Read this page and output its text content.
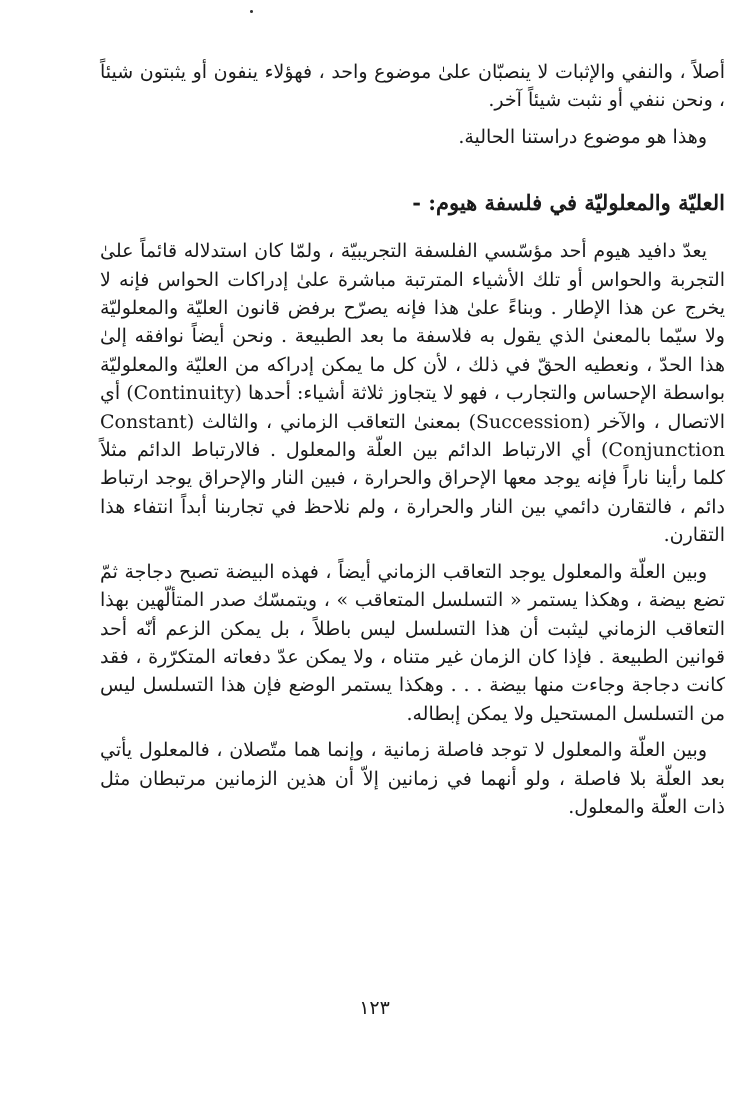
أصلاً ، والنفي والإثبات لا ينصبّان علىٰ موضوع واحد ، فهؤلاء ينفون أو يثبتون شيئاً ، ونحن ننفي أو نثبت شيئاً آخر.

وهذا هو موضوع دراستنا الحالية.

العليّة والمعلوليّة في فلسفة هيوم: -

يعدّ دافيد هيوم أحد مؤسّسي الفلسفة التجريبيّة ، ولمّا كان استدلاله قائماً علىٰ التجربة والحواس أو تلك الأشياء المترتبة مباشرة علىٰ إدراكات الحواس فإنه لا يخرج عن هذا الإطار . وبناءً علىٰ هذا فإنه يصرّح برفض قانون العليّة والمعلوليّة ولا سيّما بالمعنىٰ الذي يقول به فلاسفة ما بعد الطبيعة . ونحن أيضاً نوافقه إلىٰ هذا الحدّ ، ونعطيه الحقّ في ذلك ، لأن كل ما يمكن إدراكه من العليّة والمعلوليّة بواسطة الإحساس والتجارب ، فهو لا يتجاوز ثلاثة أشياء: أحدها (Continuity) أي الاتصال ، والآخر (Succession) بمعنىٰ التعاقب الزماني ، والثالث (Constant Conjunction) أي الارتباط الدائم بين العلّة والمعلول . فالارتباط الدائم مثلاً كلما رأينا ناراً فإنه يوجد معها الإحراق والحرارة ، فبين النار والإحراق يوجد ارتباط دائم ، فالتقارن دائمي بين النار والحرارة ، ولم نلاحظ في تجاربنا أبداً انتفاء هذا التقارن.

وبين العلّة والمعلول يوجد التعاقب الزماني أيضاً ، فهذه البيضة تصبح دجاجة ثمّ تضع بيضة ، وهكذا يستمر « التسلسل المتعاقب » ، ويتمسّك صدر المتألّهين بهذا التعاقب الزماني ليثبت أن هذا التسلسل ليس باطلاً ، بل يمكن الزعم أنّه أحد قوانين الطبيعة . فإذا كان الزمان غير متناه ، ولا يمكن عدّ دفعاته المتكرّرة ، فقد كانت دجاجة وجاءت منها بيضة . . . وهكذا يستمر الوضع فإن هذا التسلسل ليس من التسلسل المستحيل ولا يمكن إبطاله.

وبين العلّة والمعلول لا توجد فاصلة زمانية ، وإنما هما متّصلان ، فالمعلول يأتي بعد العلّة بلا فاصلة ، ولو أنهما في زمانين إلاّ أن هذين الزمانين مرتبطان مثل ذات العلّة والمعلول.

١٢٣
